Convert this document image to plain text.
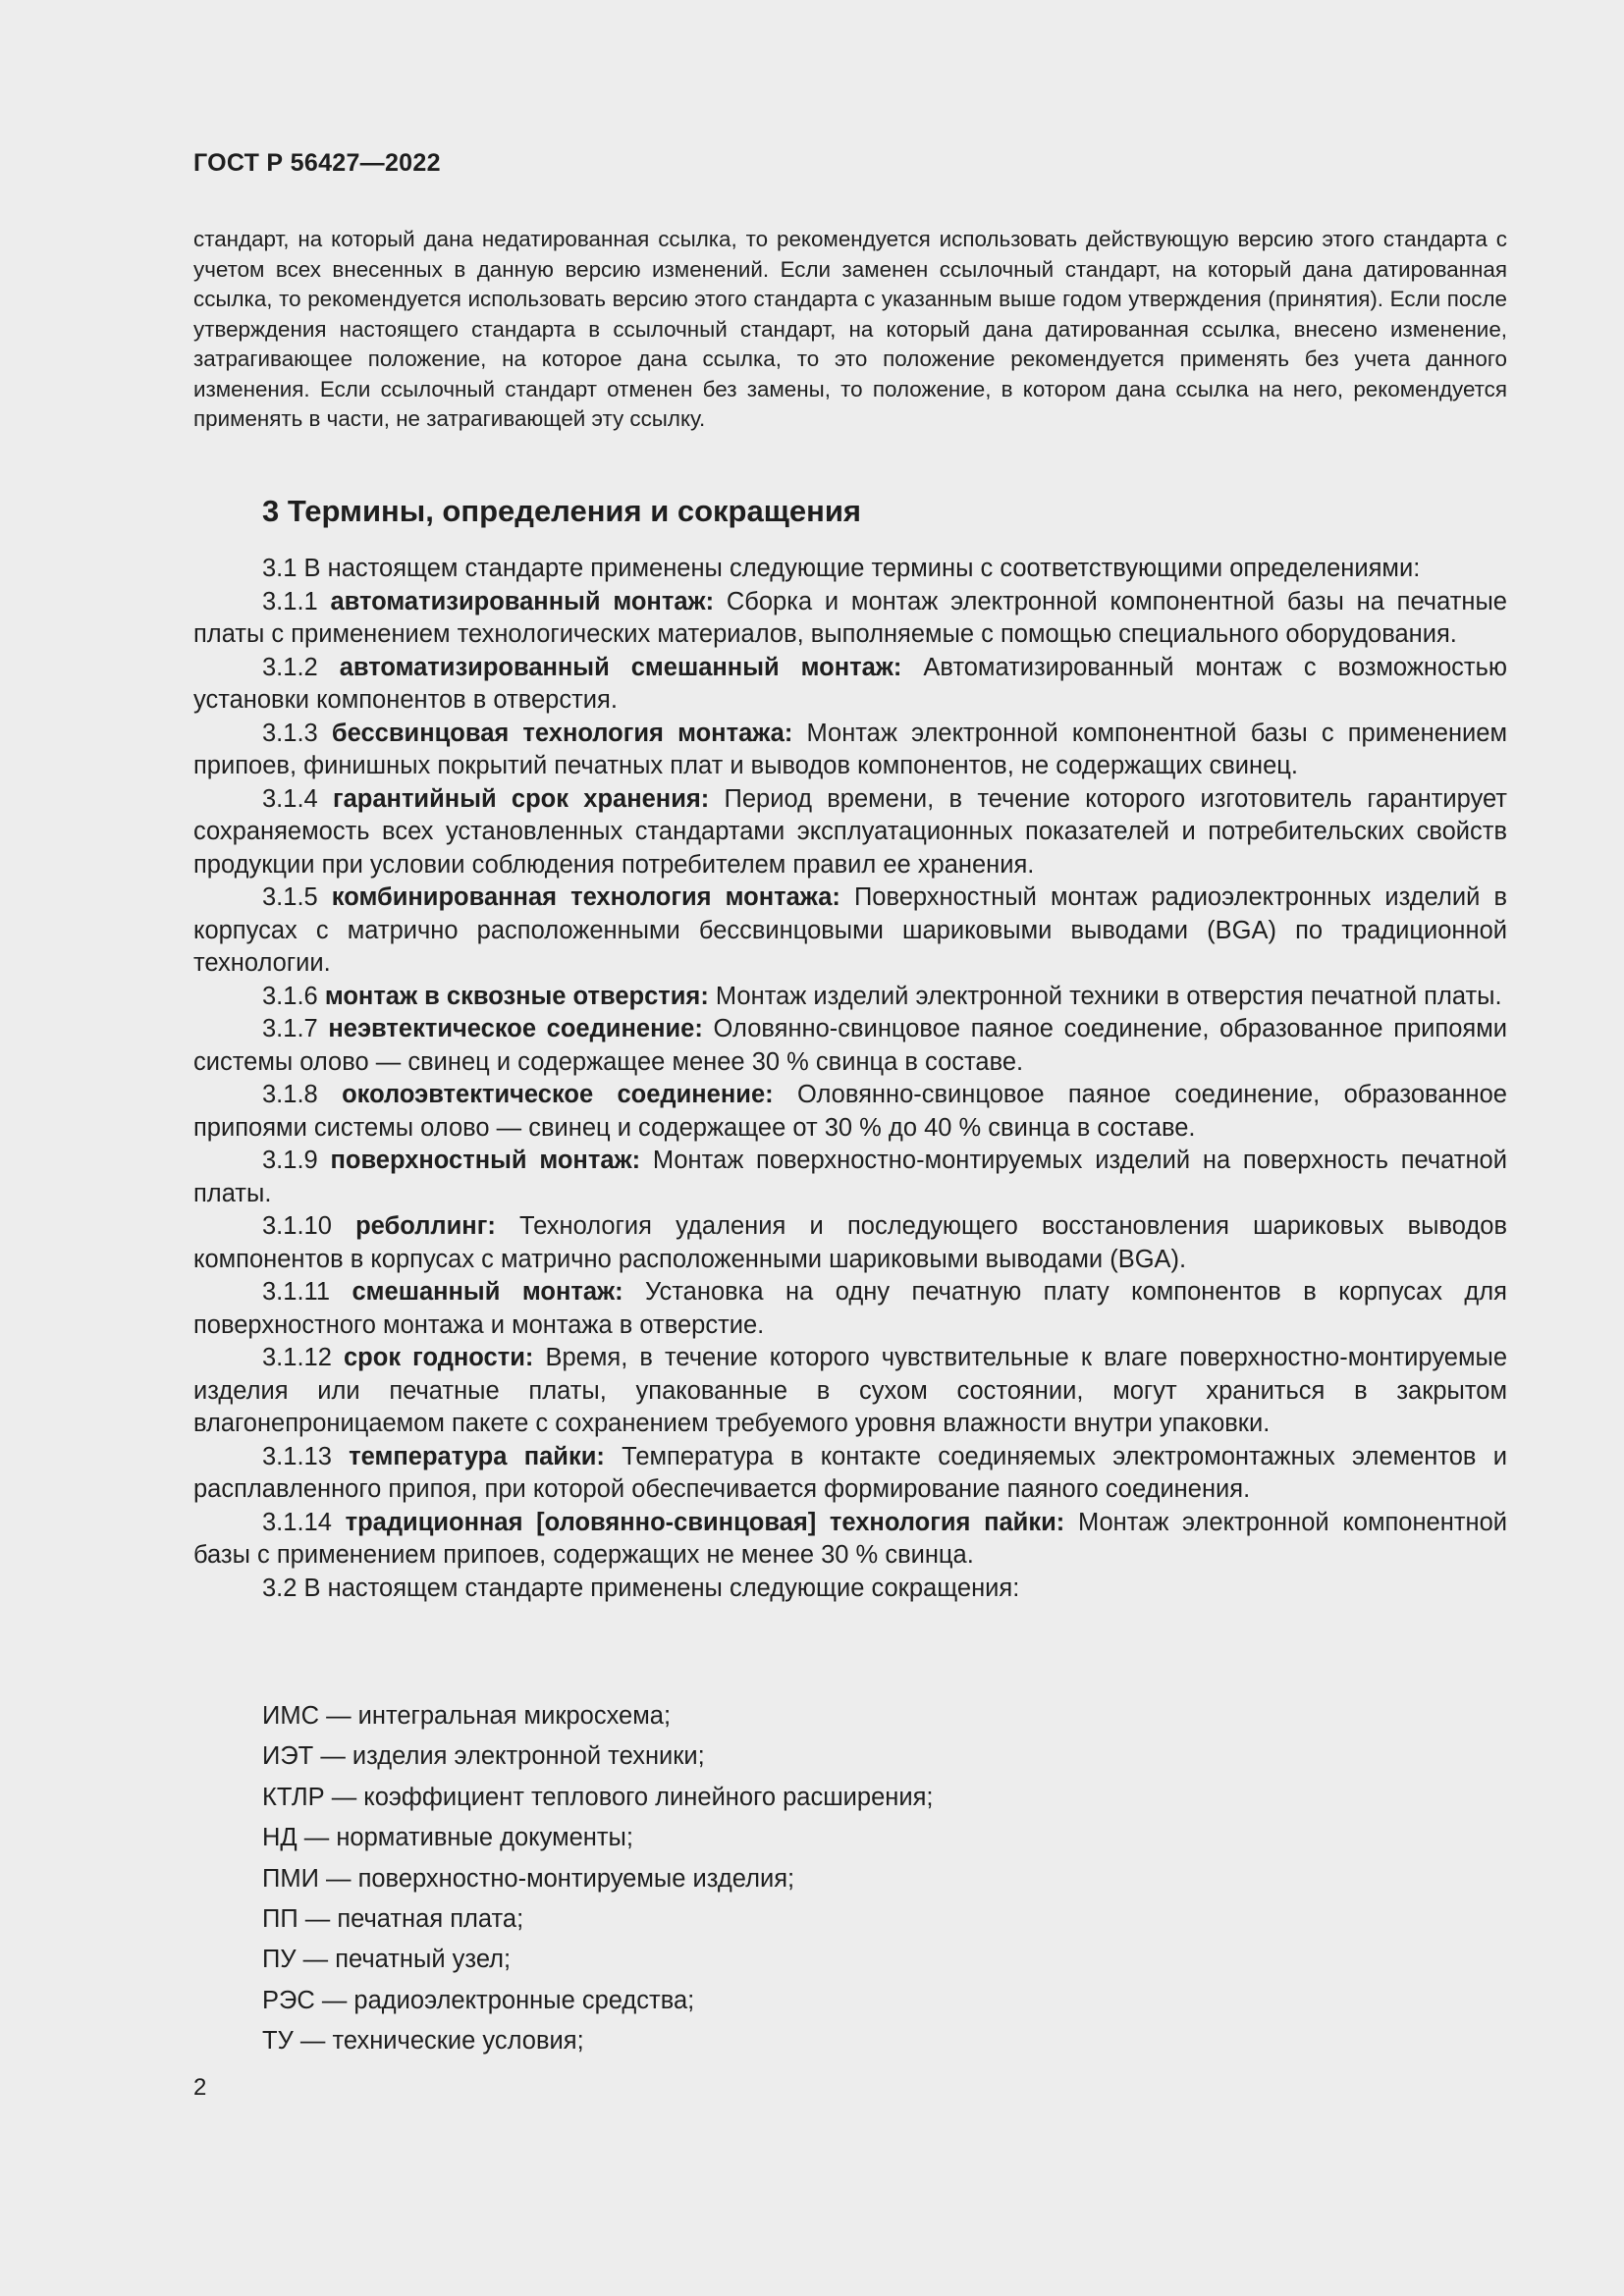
ГОСТ Р 56427—2022

стандарт, на который дана недатированная ссылка, то рекомендуется использовать действующую версию этого стандарта с учетом всех внесенных в данную версию изменений. Если заменен ссылочный стандарт, на который дана датированная ссылка, то рекомендуется использовать версию этого стандарта с указанным выше годом утверждения (принятия). Если после утверждения настоящего стандарта в ссылочный стандарт, на который дана датированная ссылка, внесено изменение, затрагивающее положение, на которое дана ссылка, то это положение рекомендуется применять без учета данного изменения. Если ссылочный стандарт отменен без замены, то положение, в котором дана ссылка на него, рекомендуется применять в части, не затрагивающей эту ссылку.

3 Термины, определения и сокращения

3.1 В настоящем стандарте применены следующие термины с соответствующими определениями:

3.1.1 автоматизированный монтаж: Сборка и монтаж электронной компонентной базы на печатные платы с применением технологических материалов, выполняемые с помощью специального оборудования.

3.1.2 автоматизированный смешанный монтаж: Автоматизированный монтаж с возможностью установки компонентов в отверстия.

3.1.3 бессвинцовая технология монтажа: Монтаж электронной компонентной базы с применением припоев, финишных покрытий печатных плат и выводов компонентов, не содержащих свинец.

3.1.4 гарантийный срок хранения: Период времени, в течение которого изготовитель гарантирует сохраняемость всех установленных стандартами эксплуатационных показателей и потребительских свойств продукции при условии соблюдения потребителем правил ее хранения.

3.1.5 комбинированная технология монтажа: Поверхностный монтаж радиоэлектронных изделий в корпусах с матрично расположенными бессвинцовыми шариковыми выводами (BGA) по традиционной технологии.

3.1.6 монтаж в сквозные отверстия: Монтаж изделий электронной техники в отверстия печатной платы.

3.1.7 неэвтектическое соединение: Оловянно-свинцовое паяное соединение, образованное припоями системы олово — свинец и содержащее менее 30 % свинца в составе.

3.1.8 околоэвтектическое соединение: Оловянно-свинцовое паяное соединение, образованное припоями системы олово — свинец и содержащее от 30 % до 40 % свинца в составе.

3.1.9 поверхностный монтаж: Монтаж поверхностно-монтируемых изделий на поверхность печатной платы.

3.1.10 реболлинг: Технология удаления и последующего восстановления шариковых выводов компонентов в корпусах с матрично расположенными шариковыми выводами (BGA).

3.1.11 смешанный монтаж: Установка на одну печатную плату компонентов в корпусах для поверхностного монтажа и монтажа в отверстие.

3.1.12 срок годности: Время, в течение которого чувствительные к влаге поверхностно-монтируемые изделия или печатные платы, упакованные в сухом состоянии, могут храниться в закрытом влагонепроницаемом пакете с сохранением требуемого уровня влажности внутри упаковки.

3.1.13 температура пайки: Температура в контакте соединяемых электромонтажных элементов и расплавленного припоя, при которой обеспечивается формирование паяного соединения.

3.1.14 традиционная [оловянно-свинцовая] технология пайки: Монтаж электронной компонентной базы с применением припоев, содержащих не менее 30 % свинца.

3.2 В настоящем стандарте применены следующие сокращения:

ИМС — интегральная микросхема;
ИЭТ — изделия электронной техники;
КТЛР — коэффициент теплового линейного расширения;
НД — нормативные документы;
ПМИ — поверхностно-монтируемые изделия;
ПП — печатная плата;
ПУ — печатный узел;
РЭС — радиоэлектронные средства;
ТУ — технические условия;
2
